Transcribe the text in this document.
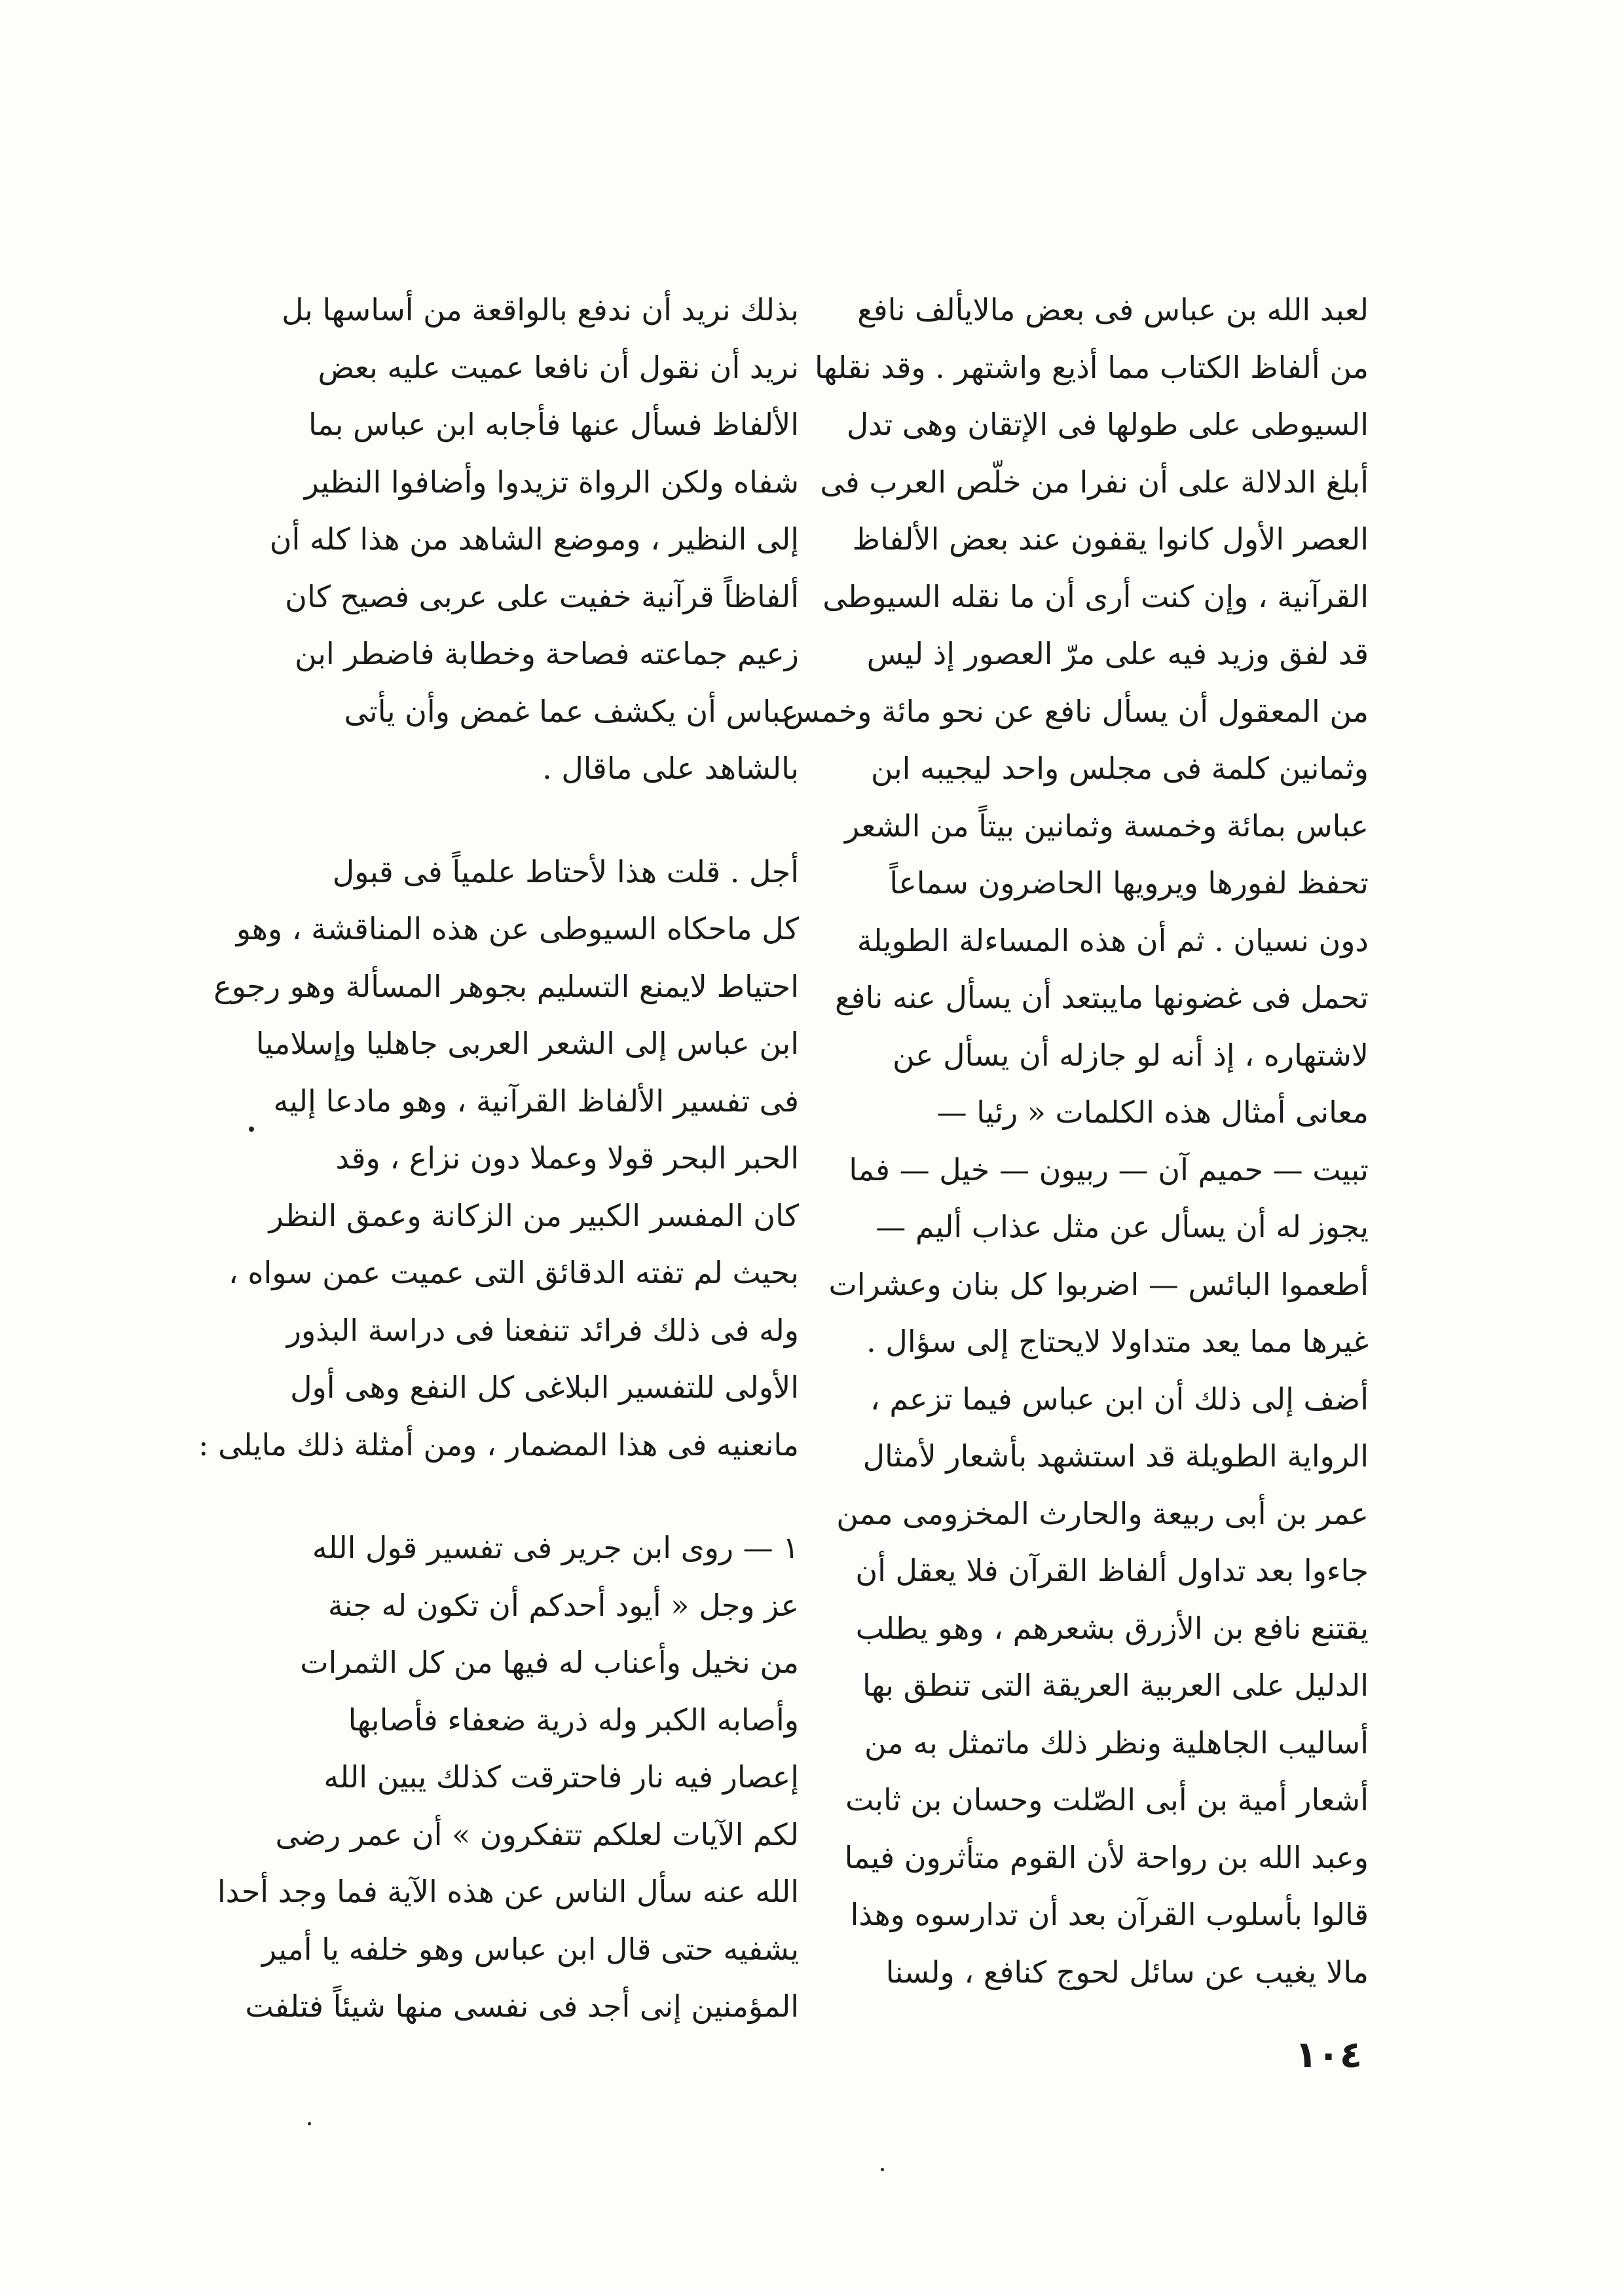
لعبد الله بن عباس فى بعض مالايألف نافع
من ألفاظ الكتاب مما أذيع واشتهر . وقد نقلها
السيوطى على طولها فى الإتقان وهى تدل
أبلغ الدلالة على أن نفرا من خلّص العرب فى
العصر الأول كانوا يقفون عند بعض الألفاظ
القرآنية ، وإن كنت أرى أن ما نقله السيوطى
قد لفق وزيد فيه على مرّ العصور إذ ليس
من المعقول أن يسأل نافع عن نحو مائة وخمس
وثمانين كلمة فى مجلس واحد ليجيبه ابن
عباس بمائة وخمسة وثمانين بيتاً من الشعر
تحفظ لفورها ويرويها الحاضرون سماعاً
دون نسيان . ثم أن هذه المساءلة الطويلة
تحمل فى غضونها مايبتعد أن يسأل عنه نافع
لاشتهاره ، إذ أنه لو جازله أن يسأل عن
معانى أمثال هذه الكلمات « رئيا —
تبيت — حميم آن — ربيون — خيل — فما
يجوز له أن يسأل عن مثل عذاب أليم —
أطعموا البائس — اضربوا كل بنان وعشرات
غيرها مما يعد متداولا لايحتاج إلى سؤال .
أضف إلى ذلك أن ابن عباس فيما تزعم ،
الرواية الطويلة قد استشهد بأشعار لأمثال
عمر بن أبى ربيعة والحارث المخزومى ممن
جاءوا بعد تداول ألفاظ القرآن فلا يعقل أن
يقتنع نافع بن الأزرق بشعرهم ، وهو يطلب
الدليل على العربية العريقة التى تنطق بها
أساليب الجاهلية ونظر ذلك ماتمثل به من
أشعار أمية بن أبى الصّلت وحسان بن ثابت
وعبد الله بن رواحة لأن القوم متأثرون فيما
قالوا بأسلوب القرآن بعد أن تدارسوه وهذا
مالا يغيب عن سائل لحوج كنافع ، ولسنا
بذلك نريد أن ندفع بالواقعة من أساسها بل
نريد أن نقول أن نافعا عميت عليه بعض
الألفاظ فسأل عنها فأجابه ابن عباس بما
شفاه ولكن الرواة تزيدوا وأضافوا النظير
إلى النظير ، وموضع الشاهد من هذا كله أن
ألفاظاً قرآنية خفيت على عربى فصيح كان
زعيم جماعته فصاحة وخطابة فاضطر ابن
عباس أن يكشف عما غمض وأن يأتى
بالشاهد على ماقال .
أجل . قلت هذا لأحتاط علمياً فى قبول
كل ماحكاه السيوطى عن هذه المناقشة ، وهو
احتياط لايمنع التسليم بجوهر المسألة وهو رجوع
ابن عباس إلى الشعر العربى جاهليا وإسلاميا
فى تفسير الألفاظ القرآنية ، وهو مادعا إليه
الحبر البحر قولا وعملا دون نزاع ، وقد
كان المفسر الكبير من الزكانة وعمق النظر
بحيث لم تفته الدقائق التى عميت عمن سواه ،
وله فى ذلك فرائد تنفعنا فى دراسة البذور
الأولى للتفسير البلاغى كل النفع وهى أول
مانعنيه فى هذا المضمار ، ومن أمثلة ذلك مايلى :
١ — روى ابن جرير فى تفسير قول الله
عز وجل « أيود أحدكم أن تكون له جنة
من نخيل وأعناب له فيها من كل الثمرات
وأصابه الكبر وله ذرية ضعفاء فأصابها
إعصار فيه نار فاحترقت كذلك يبين الله
لكم الآيات لعلكم تتفكرون » أن عمر رضى
الله عنه سأل الناس عن هذه الآية فما وجد أحدا
يشفيه حتى قال ابن عباس وهو خلفه يا أمير
المؤمنين إنى أجد فى نفسى منها شيئاً فتلفت
١٠٤
